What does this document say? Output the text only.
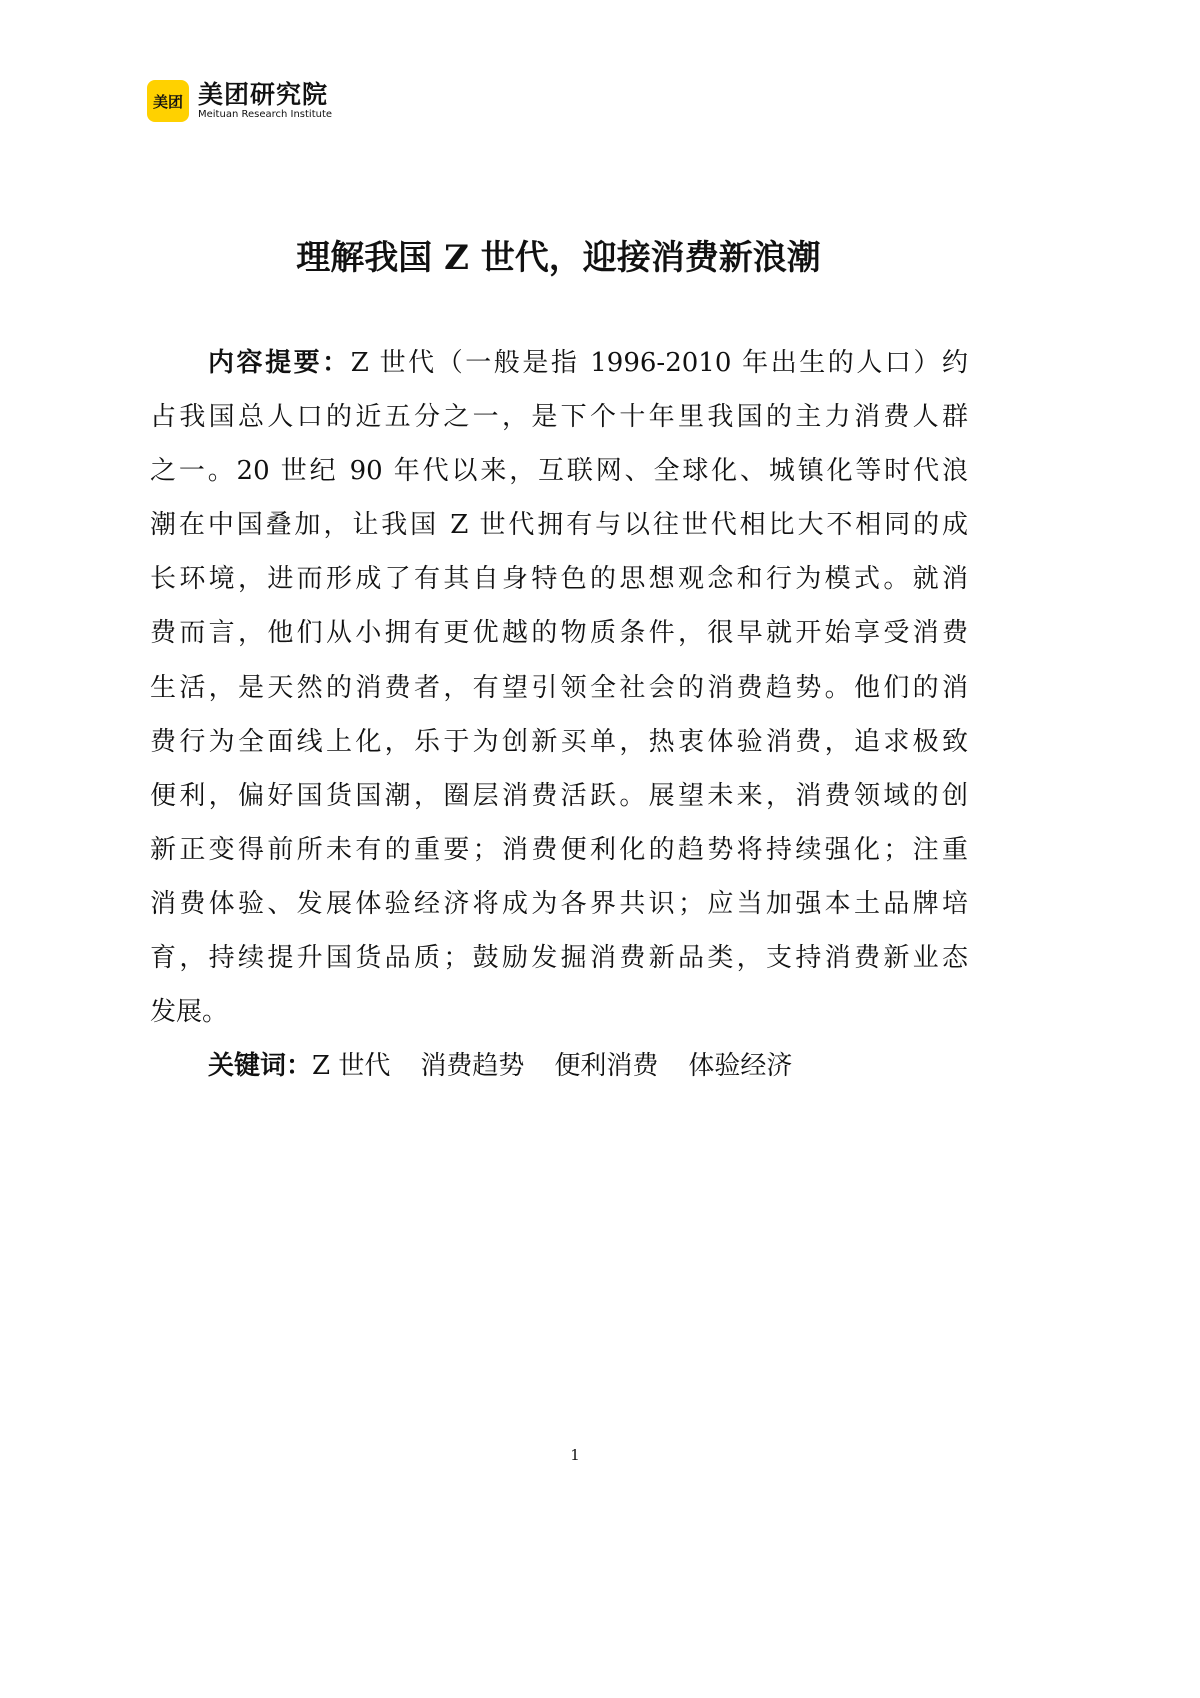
美团 美团研究院
Meituan Research Institute
理解我国 Z 世代，迎接消费新浪潮
内容提要：Z 世代（一般是指 1996-2010 年出生的人口）约
占我国总人口的近五分之一，是下个十年里我国的主力消费人群
之一。20 世纪 90 年代以来，互联网、全球化、城镇化等时代浪
潮在中国叠加，让我国 Z 世代拥有与以往世代相比大不相同的成
长环境，进而形成了有其自身特色的思想观念和行为模式。就消
费而言，他们从小拥有更优越的物质条件，很早就开始享受消费
生活，是天然的消费者，有望引领全社会的消费趋势。他们的消
费行为全面线上化，乐于为创新买单，热衷体验消费，追求极致
便利，偏好国货国潮，圈层消费活跃。展望未来，消费领域的创
新正变得前所未有的重要；消费便利化的趋势将持续强化；注重
消费体验、发展体验经济将成为各界共识；应当加强本土品牌培
育，持续提升国货品质；鼓励发掘消费新品类，支持消费新业态
发展。
关键词：Z 世代 消费趋势 便利消费 体验经济
1
